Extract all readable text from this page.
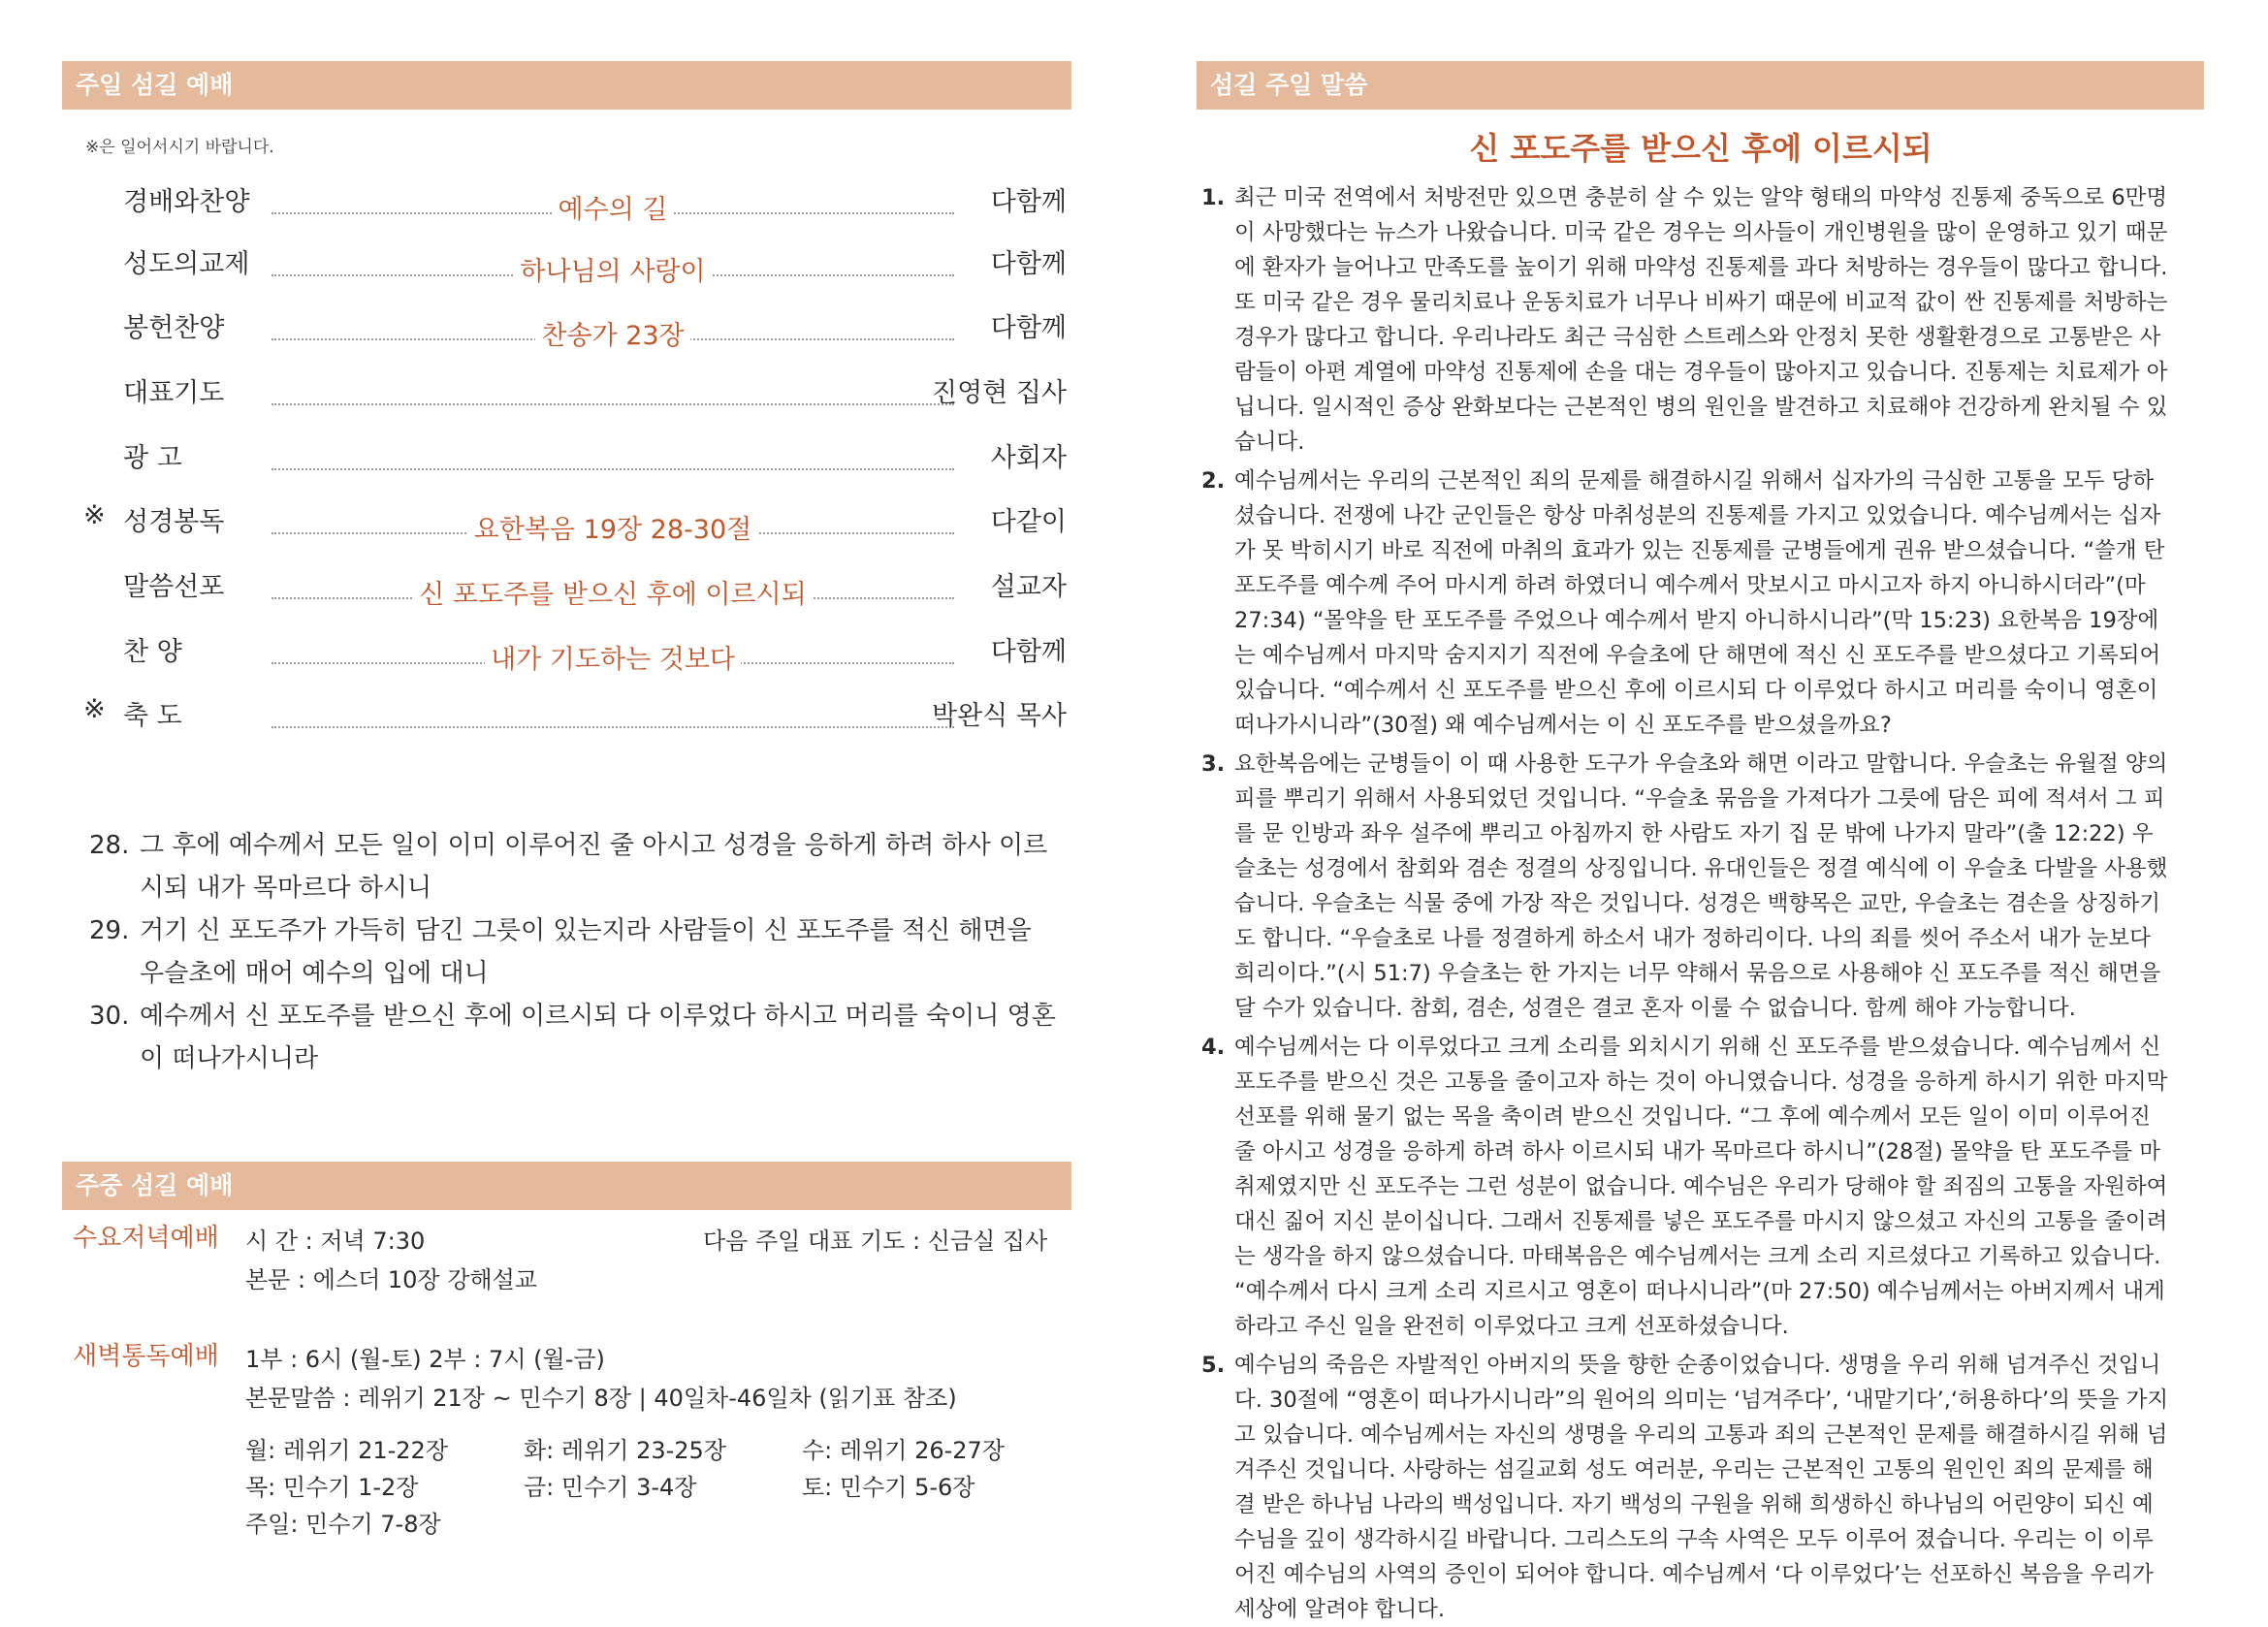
주일 섬길 예배
※은 일어서시기 바랍니다.
경배와찬양	예수의 길	다함께
성도의교제	하나님의 사랑이	다함께
봉헌찬양	찬송가 23장	다함께
대표기도	진영현 집사
광 고	사회자
※ 성경봉독	요한복음 19장 28-30절	다같이
말씀선포	신 포도주를 받으신 후에 이르시되	설교자
찬 양	내가 기도하는 것보다	다함께
※ 축 도	박완식 목사
28. 그 후에 예수께서 모든 일이 이미 이루어진 줄 아시고 성경을 응하게 하려 하사 이르시되 내가 목마르다 하시니
29. 거기 신 포도주가 가득히 담긴 그릇이 있는지라 사람들이 신 포도주를 적신 해면을 우슬초에 매어 예수의 입에 대니
30. 예수께서 신 포도주를 받으신 후에 이르시되 다 이루었다 하시고 머리를 숙이니 영혼이 떠나가시니라
주중 섬길 예배
수요저녁예배 시 간 : 저녁 7:30	다음 주일 대표 기도 : 신금실 집사
본문 : 에스더 10장 강해설교
새벽통독예배 1부 : 6시 (월-토) 2부 : 7시 (월-금)
본문말씀 : 레위기 21장 ~ 민수기 8장 | 40일차-46일차 (읽기표 참조)
월: 레위기 21-22장	화: 레위기 23-25장	수: 레위기 26-27장
목: 민수기 1-2장	금: 민수기 3-4장	토: 민수기 5-6장
주일: 민수기 7-8장
섬길 주일 말씀
신 포도주를 받으신 후에 이르시되
1. 최근 미국 전역에서 처방전만 있으면 충분히 살 수 있는 알약 형태의 마약성 진통제 중독으로 6만명이 사망했다는 뉴스가 나왔습니다. 미국 같은 경우는 의사들이 개인병원을 많이 운영하고 있기 때문에 환자가 늘어나고 만족도를 높이기 위해 마약성 진통제를 과다 처방하는 경우들이 많다고 합니다. 또 미국 같은 경우 물리치료나 운동치료가 너무나 비싸기 때문에 비교적 값이 싼 진통제를 처방하는 경우가 많다고 합니다. 우리나라도 최근 극심한 스트레스와 안정치 못한 생활환경으로 고통받은 사람들이 아편 계열에 마약성 진통제에 손을 대는 경우들이 많아지고 있습니다. 진통제는 치료제가 아닙니다. 일시적인 증상 완화보다는 근본적인 병의 원인을 발견하고 치료해야 건강하게 완치될 수 있습니다.
2. 예수님께서는 우리의 근본적인 죄의 문제를 해결하시길 위해서 십자가의 극심한 고통을 모두 당하셨습니다. 전쟁에 나간 군인들은 항상 마취성분의 진통제를 가지고 있었습니다. 예수님께서는 십자가 못 박히시기 바로 직전에 마취의 효과가 있는 진통제를 군병들에게 권유 받으셨습니다. “쓸개 탄 포도주를 예수께 주어 마시게 하려 하였더니 예수께서 맛보시고 마시고자 하지 아니하시더라”(마 27:34) “몰약을 탄 포도주를 주었으나 예수께서 받지 아니하시니라”(막 15:23) 요한복음 19장에는 예수님께서 마지막 숨지지기 직전에 우슬초에 단 해면에 적신 신 포도주를 받으셨다고 기록되어 있습니다. “예수께서 신 포도주를 받으신 후에 이르시되 다 이루었다 하시고 머리를 숙이니 영혼이 떠나가시니라”(30절) 왜 예수님께서는 이 신 포도주를 받으셨을까요?
3. 요한복음에는 군병들이 이 때 사용한 도구가 우슬초와 해면 이라고 말합니다. 우슬초는 유월절 양의 피를 뿌리기 위해서 사용되었던 것입니다. “우슬초 묶음을 가져다가 그릇에 담은 피에 적셔서 그 피를 문 인방과 좌우 설주에 뿌리고 아침까지 한 사람도 자기 집 문 밖에 나가지 말라”(출 12:22) 우슬초는 성경에서 참회와 겸손 정결의 상징입니다. 유대인들은 정결 예식에 이 우슬초 다발을 사용했습니다. 우슬초는 식물 중에 가장 작은 것입니다. 성경은 백향목은 교만, 우슬초는 겸손을 상징하기도 합니다. “우슬초로 나를 정결하게 하소서 내가 정하리이다. 나의 죄를 씻어 주소서 내가 눈보다 희리이다.”(시 51:7) 우슬초는 한 가지는 너무 약해서 묶음으로 사용해야 신 포도주를 적신 해면을 달 수가 있습니다. 참회, 겸손, 성결은 결코 혼자 이룰 수 없습니다. 함께 해야 가능합니다.
4. 예수님께서는 다 이루었다고 크게 소리를 외치시기 위해 신 포도주를 받으셨습니다. 예수님께서 신 포도주를 받으신 것은 고통을 줄이고자 하는 것이 아니였습니다. 성경을 응하게 하시기 위한 마지막 선포를 위해 물기 없는 목을 축이려 받으신 것입니다. “그 후에 예수께서 모든 일이 이미 이루어진 줄 아시고 성경을 응하게 하려 하사 이르시되 내가 목마르다 하시니”(28절) 몰약을 탄 포도주를 마취제였지만 신 포도주는 그런 성분이 없습니다. 예수님은 우리가 당해야 할 죄짐의 고통을 자원하여 대신 짊어 지신 분이십니다. 그래서 진통제를 넣은 포도주를 마시지 않으셨고 자신의 고통을 줄이려는 생각을 하지 않으셨습니다. 마태복음은 예수님께서는 크게 소리 지르셨다고 기록하고 있습니다. “예수께서 다시 크게 소리 지르시고 영혼이 떠나시니라”(마 27:50) 예수님께서는 아버지께서 내게 하라고 주신 일을 완전히 이루었다고 크게 선포하셨습니다.
5. 예수님의 죽음은 자발적인 아버지의 뜻을 향한 순종이었습니다. 생명을 우리 위해 넘겨주신 것입니다. 30절에 “영혼이 떠나가시니라”의 원어의 의미는 ‘넘겨주다’, ‘내맡기다’,‘허용하다’의 뜻을 가지고 있습니다. 예수님께서는 자신의 생명을 우리의 고통과 죄의 근본적인 문제를 해결하시길 위해 넘겨주신 것입니다. 사랑하는 섬길교회 성도 여러분, 우리는 근본적인 고통의 원인인 죄의 문제를 해결 받은 하나님 나라의 백성입니다. 자기 백성의 구원을 위해 희생하신 하나님의 어린양이 되신 예수님을 깊이 생각하시길 바랍니다. 그리스도의 구속 사역은 모두 이루어 졌습니다. 우리는 이 이루어진 예수님의 사역의 증인이 되어야 합니다. 예수님께서 ‘다 이루었다’는 선포하신 복음을 우리가 세상에 알려야 합니다.
